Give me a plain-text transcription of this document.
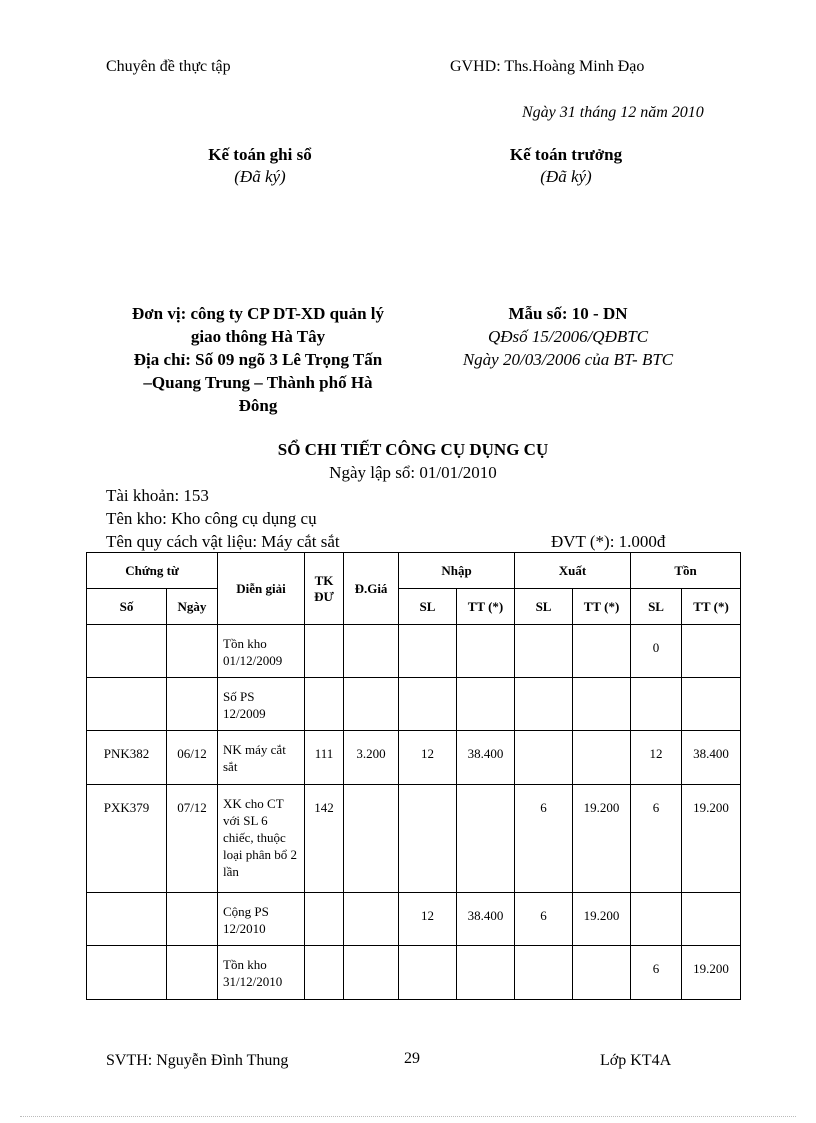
Chuyên đề thực tập	GVHD: Ths.Hoàng Minh Đạo
Ngày 31 tháng 12 năm 2010
Kế toán ghi sổ
(Đã ký)
Kế toán trưởng
(Đã ký)
Đơn vị: công ty CP DT-XD quản lý
giao thông Hà Tây
Địa chỉ: Số 09 ngõ 3 Lê Trọng Tấn
–Quang Trung – Thành phố Hà
Đông
Mẫu số: 10 - DN
QĐsố 15/2006/QĐBTC
Ngày 20/03/2006 của BT- BTC
SỔ CHI TIẾT CÔNG CỤ DỤNG CỤ
Ngày lập sổ: 01/01/2010
Tài khoản: 153
Tên kho: Kho công cụ dụng cụ
Tên quy cách vật liệu: Máy cắt sắt	ĐVT (*): 1.000đ
Chứng từ		Diễn giải	TK ĐƯ	Đ.Giá	Nhập		Xuất		Tồn	
Số	Ngày				SL	TT (*)	SL	TT (*)	SL	TT (*)
		Tồn kho 01/12/2009							0	
		Số PS 12/2009								
PNK382	06/12	NK máy cắt sắt	111	3.200	12	38.400			12	38.400
PXK379	07/12	XK cho CT với SL 6 chiếc, thuộc loại phân bổ 2 lần	142				6	19.200	6	19.200
		Cộng PS 12/2010			12	38.400	6	19.200		
		Tồn kho 31/12/2010							6	19.200
SVTH: Nguyễn Đình Thung	29	Lớp KT4A
